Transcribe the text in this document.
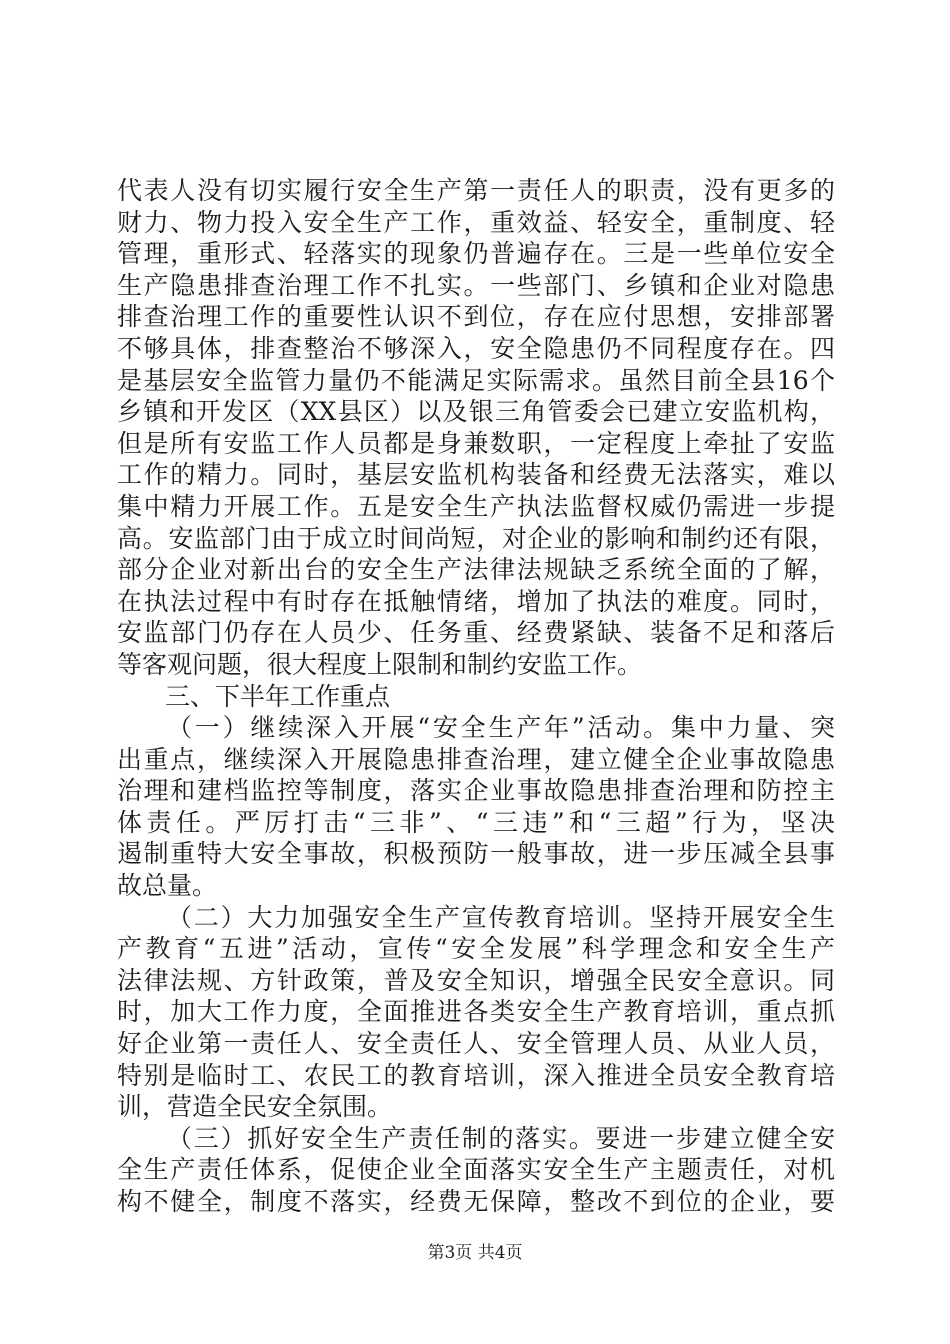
代表人没有切实履行安全生产第一责任人的职责，没有更多的
财力、物力投入安全生产工作，重效益、轻安全，重制度、轻
管理，重形式、轻落实的现象仍普遍存在。三是一些单位安全
生产隐患排查治理工作不扎实。一些部门、乡镇和企业对隐患
排查治理工作的重要性认识不到位，存在应付思想，安排部署
不够具体，排查整治不够深入，安全隐患仍不同程度存在。四
是基层安全监管力量仍不能满足实际需求。虽然目前全县16个
乡镇和开发区（XX县区）以及银三角管委会已建立安监机构，
但是所有安监工作人员都是身兼数职，一定程度上牵扯了安监
工作的精力。同时，基层安监机构装备和经费无法落实，难以
集中精力开展工作。五是安全生产执法监督权威仍需进一步提
高。安监部门由于成立时间尚短，对企业的影响和制约还有限，
部分企业对新出台的安全生产法律法规缺乏系统全面的了解，
在执法过程中有时存在抵触情绪，增加了执法的难度。同时，
安监部门仍存在人员少、任务重、经费紧缺、装备不足和落后
等客观问题，很大程度上限制和制约安监工作。
三、下半年工作重点
（一）继续深入开展“安全生产年”活动。集中力量、突
出重点，继续深入开展隐患排查治理，建立健全企业事故隐患
治理和建档监控等制度，落实企业事故隐患排查治理和防控主
体责任。严厉打击“三非”、“三违”和“三超”行为，坚决
遏制重特大安全事故，积极预防一般事故，进一步压减全县事
故总量。
（二）大力加强安全生产宣传教育培训。坚持开展安全生
产教育“五进”活动，宣传“安全发展”科学理念和安全生产
法律法规、方针政策，普及安全知识，增强全民安全意识。同
时，加大工作力度，全面推进各类安全生产教育培训，重点抓
好企业第一责任人、安全责任人、安全管理人员、从业人员，
特别是临时工、农民工的教育培训，深入推进全员安全教育培
训，营造全民安全氛围。
（三）抓好安全生产责任制的落实。要进一步建立健全安
全生产责任体系，促使企业全面落实安全生产主题责任，对机
构不健全，制度不落实，经费无保障，整改不到位的企业，要
第3页 共4页
